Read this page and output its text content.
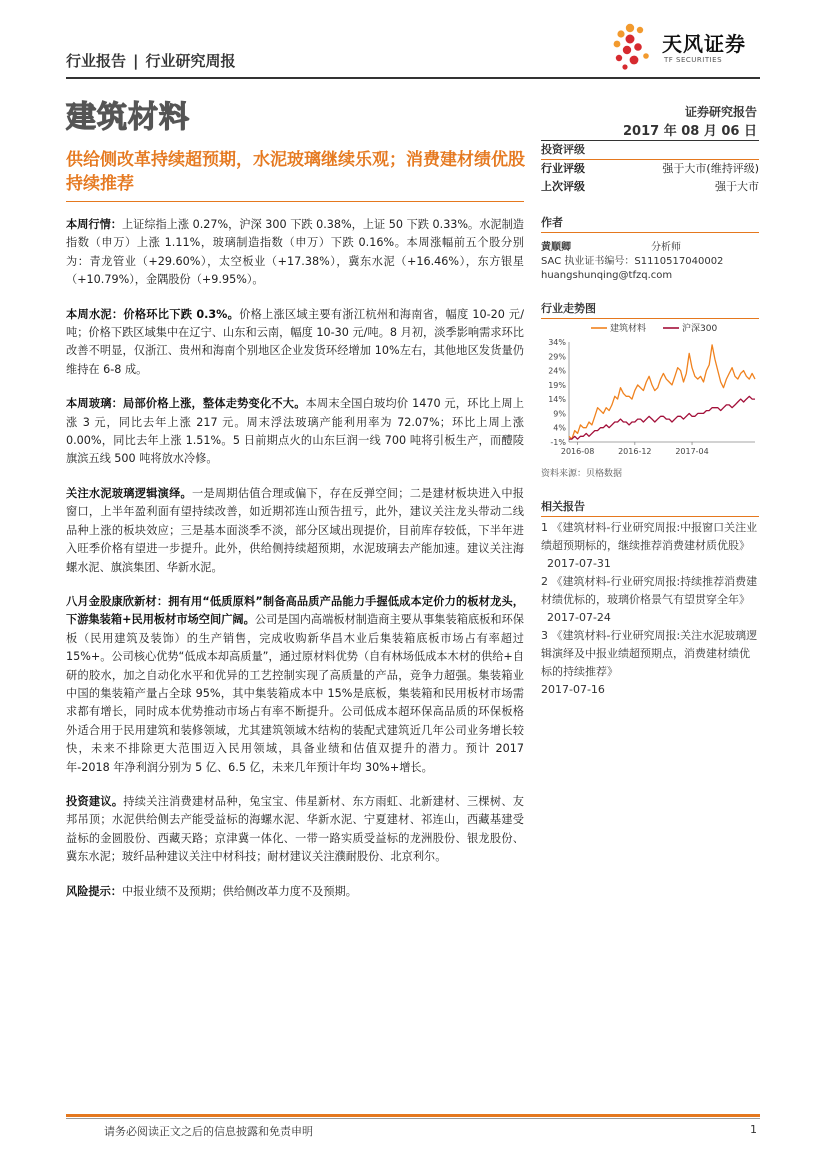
行业报告 | 行业研究周报
天风证券
TF SECURITIES
建筑材料	证券研究报告
2017 年 08 月 06 日
供给侧改革持续超预期，水泥玻璃继续乐观；消费建材绩优股持续推荐

本周行情：上证综指上涨 0.27%，沪深 300 下跌 0.38%，上证 50 下跌 0.33%。水泥制造指数（申万）上涨 1.11%，玻璃制造指数（申万）下跌 0.16%。本周涨幅前五个股分别为：青龙管业（+29.60%），太空板业（+17.38%），冀东水泥（+16.46%），东方银星（+10.79%），金隅股份（+9.95%）。

本周水泥：价格环比下跌 0.3%。价格上涨区域主要有浙江杭州和海南省，幅度 10-20 元/吨；价格下跌区域集中在辽宁、山东和云南，幅度 10-30 元/吨。8 月初，淡季影响需求环比改善不明显，仅浙江、贵州和海南个别地区企业发货环经增加 10%左右，其他地区发货量仍维持在 6-8 成。

本周玻璃：局部价格上涨，整体走势变化不大。本周末全国白玻均价 1470 元，环比上周上涨 3 元，同比去年上涨 217 元。周末浮法玻璃产能利用率为 72.07%；环比上周上涨 0.00%，同比去年上涨 1.51%。5 日前期点火的山东巨润一线 700 吨将引板生产，而醴陵旗滨五线 500 吨将放水冷修。

关注水泥玻璃逻辑演绎。一是周期估值合理或偏下，存在反弹空间；二是建材板块进入中报窗口，上半年盈利面有望持续改善，如近期祁连山预告扭亏，此外，建议关注龙头带动二线品种上涨的板块效应；三是基本面淡季不淡，部分区域出现提价，目前库存较低，下半年进入旺季价格有望进一步提升。此外，供给侧持续超预期，水泥玻璃去产能加速。建议关注海螺水泥、旗滨集团、华新水泥。

八月金股康欣新材：拥有用“低质原料”制备高品质产品能力手握低成本定价力的板材龙头，下游集装箱+民用板材市场空间广阔。公司是国内高端板材制造商主要从事集装箱底板和环保板（民用建筑及装饰）的生产销售，完成收购新华昌木业后集装箱底板市场占有率超过 15%+。公司核心优势“低成本却高质量”，通过原材料优势（自有林场低成本木材的供给+自研的胶水，加之自动化水平和优异的工艺控制实现了高质量的产品，竞争力超强。集装箱业中国的集装箱产量占全球 95%，其中集装箱成本中 15%是底板，集装箱和民用板材市场需求都有增长，同时成本优势推动市场占有率不断提升。公司低成本超环保高品质的环保板格外适合用于民用建筑和装修领域，尤其建筑领域木结构的装配式建筑近几年公司业务增长较快，未来不排除更大范围迈入民用领域，具备业绩和估值双提升的潜力。预计 2017 年-2018 年净利润分别为 5 亿、6.5 亿，未来几年预计年均 30%+增长。

投资建议。持续关注消费建材品种，兔宝宝、伟星新材、东方雨虹、北新建材、三棵树、友邦吊顶；水泥供给侧去产能受益标的海螺水泥、华新水泥、宁夏建材、祁连山，西藏基建受益标的金圆股份、西藏天路；京津冀一体化、一带一路实质受益标的龙洲股份、银龙股份、冀东水泥；玻纤品种建议关注中材科技；耐材建议关注濮耐股份、北京利尔。

风险提示：中报业绩不及预期；供给侧改革力度不及预期。

投资评级
行业评级	强于大市(维持评级)
上次评级	强于大市
作者
黄顺卿	分析师
SAC 执业证书编号：S1110517040002
huangshunqing@tfzq.com
行业走势图
建筑材料	沪深300
34%
29%
24%
19%
14%
9%
4%
-1%
2016-08	2016-12	2017-04
资料来源：贝格数据
相关报告
1 《建筑材料-行业研究周报:中报窗口关注业绩超预期标的，继续推荐消费建材质优股》2017-07-31
2 《建筑材料-行业研究周报:持续推荐消费建材绩优标的，玻璃价格景气有望贯穿全年》2017-07-24
3 《建筑材料-行业研究周报:关注水泥玻璃逻辑演绎及中报业绩超预期点，消费建材绩优标的持续推荐》
2017-07-16
请务必阅读正文之后的信息披露和免责申明	1
